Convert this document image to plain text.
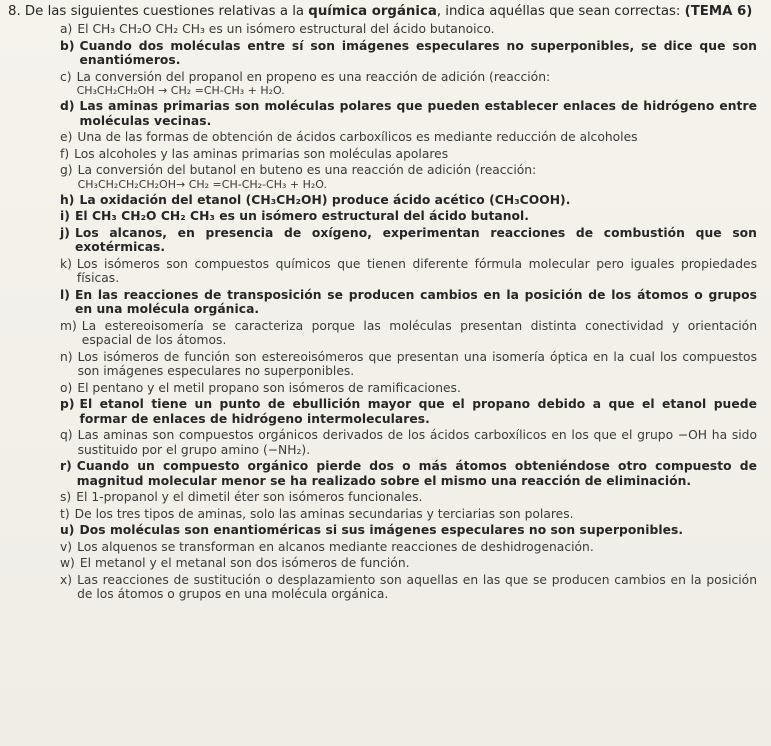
8. De las siguientes cuestiones relativas a la química orgánica, indica aquéllas que sean correctas: (TEMA 6)
a) El CH₃ CH₂O CH₂ CH₃ es un isómero estructural del ácido butanoico.
b) Cuando dos moléculas entre sí son imágenes especulares no superponibles, se dice que son enantiómeros.
c) La conversión del propanol en propeno es una reacción de adición (reacción:
CH₃CH₂CH₂OH → CH₂ =CH-CH₃ + H₂O.
d) Las aminas primarias son moléculas polares que pueden establecer enlaces de hidrógeno entre moléculas vecinas.
e) Una de las formas de obtención de ácidos carboxílicos es mediante reducción de alcoholes
f) Los alcoholes y las aminas primarias son moléculas apolares
g) La conversión del butanol en buteno es una reacción de adición (reacción:
CH₃CH₂CH₂CH₂OH→ CH₂ =CH-CH₂-CH₃ + H₂O.
h) La oxidación del etanol (CH₃CH₂OH) produce ácido acético (CH₃COOH).
i) El CH₃ CH₂O CH₂ CH₃ es un isómero estructural del ácido butanol.
j) Los alcanos, en presencia de oxígeno, experimentan reacciones de combustión que son exotérmicas.
k) Los isómeros son compuestos químicos que tienen diferente fórmula molecular pero iguales propiedades físicas.
l) En las reacciones de transposición se producen cambios en la posición de los átomos o grupos en una molécula orgánica.
m) La estereoisomería se caracteriza porque las moléculas presentan distinta conectividad y orientación espacial de los átomos.
n) Los isómeros de función son estereoisómeros que presentan una isomería óptica en la cual los compuestos son imágenes especulares no superponibles.
o) El pentano y el metil propano son isómeros de ramificaciones.
p) El etanol tiene un punto de ebullición mayor que el propano debido a que el etanol puede formar de enlaces de hidrógeno intermoleculares.
q) Las aminas son compuestos orgánicos derivados de los ácidos carboxílicos en los que el grupo −OH ha sido sustituido por el grupo amino (−NH₂).
r) Cuando un compuesto orgánico pierde dos o más átomos obteniéndose otro compuesto de magnitud molecular menor se ha realizado sobre el mismo una reacción de eliminación.
s) El 1-propanol y el dimetil éter son isómeros funcionales.
t) De los tres tipos de aminas, solo las aminas secundarias y terciarias son polares.
u) Dos moléculas son enantioméricas si sus imágenes especulares no son superponibles.
v) Los alquenos se transforman en alcanos mediante reacciones de deshidrogenación.
w) El metanol y el metanal son dos isómeros de función.
x) Las reacciones de sustitución o desplazamiento son aquellas en las que se producen cambios en la posición de los átomos o grupos en una molécula orgánica.
